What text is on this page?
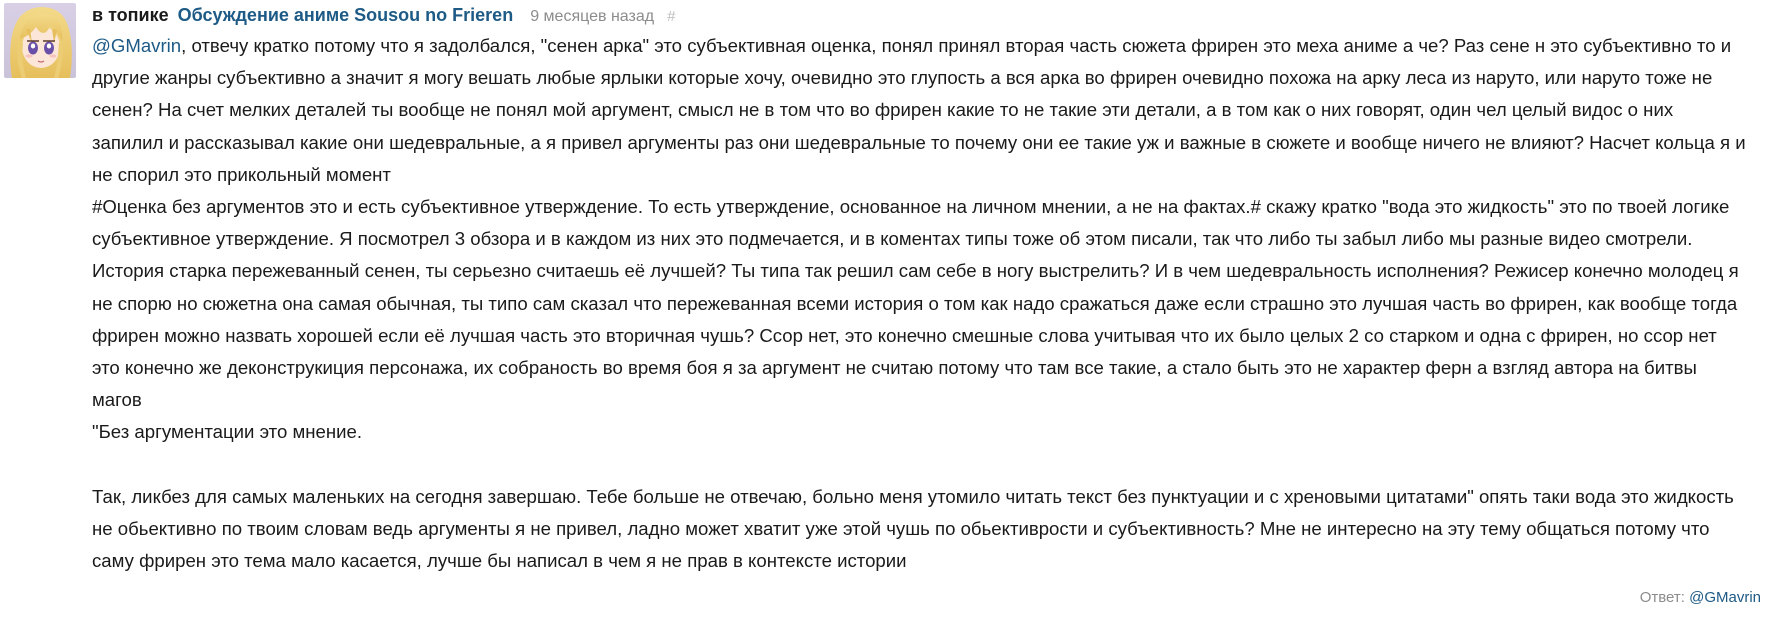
в топике Обсуждение аниме Sousou no Frieren 9 месяцев назад #

@GMavrin, отвечу кратко потому что я задолбался, "сенен арка" это субъективная оценка, понял принял вторая часть сюжета фрирен это меха аниме а че? Раз сене н это субъективно то и другие жанры субъективно а значит я могу вешать любые ярлыки которые хочу, очевидно это глупость а вся арка во фрирен очевидно похожа на арку леса из наруто, или наруто тоже не сенен? На счет мелких деталей ты вообще не понял мой аргумент, смысл не в том что во фрирен какие то не такие эти детали, а в том как о них говорят, один чел целый видос о них запилил и рассказывал какие они шедевральные, а я привел аргументы раз они шедевральные то почему они ее такие уж и важные в сюжете и вообще ничего не влияют? Насчет кольца я и не спорил это прикольный момент

#Оценка без аргументов это и есть субъективное утверждение. То есть утверждение, основанное на личном мнении, а не на фактах.# скажу кратко "вода это жидкость" это по твоей логике субъективное утверждение. Я посмотрел 3 обзора и в каждом из них это подмечается, и в коментах типы тоже об этом писали, так что либо ты забыл либо мы разные видео смотрели. История старка пережеванный сенен, ты серьезно считаешь её лучшей? Ты типа так решил сам себе в ногу выстрелить? И в чем шедевральность исполнения? Режисер конечно молодец я не спорю но сюжетна она самая обычная, ты типо сам сказал что пережеванная всеми история о том как надо сражаться даже если страшно это лучшая часть во фрирен, как вообще тогда фрирен можно назвать хорошей если её лучшая часть это вторичная чушь? Ссор нет, это конечно смешные слова учитывая что их было целых 2 со старком и одна с фрирен, но ссор нет это конечно же деконструкиция персонажа, их собраность во время боя я за аргумент не считаю потому что там все такие, а стало быть это не характер ферн а взгляд автора на битвы магов

"Без аргументации это мнение.

Так, ликбез для самых маленьких на сегодня завершаю. Тебе больше не отвечаю, больно меня утомило читать текст без пунктуации и с хреновыми цитатами" опять таки вода это жидкость не обьективно по твоим словам ведь аргументы я не привел, ладно может хватит уже этой чушь по обьективрости и субъективность? Мне не интересно на эту тему общаться потому что саму фрирен это тема мало касается, лучше бы написал в чем я не прав в контексте истории

Ответ: @GMavrin
